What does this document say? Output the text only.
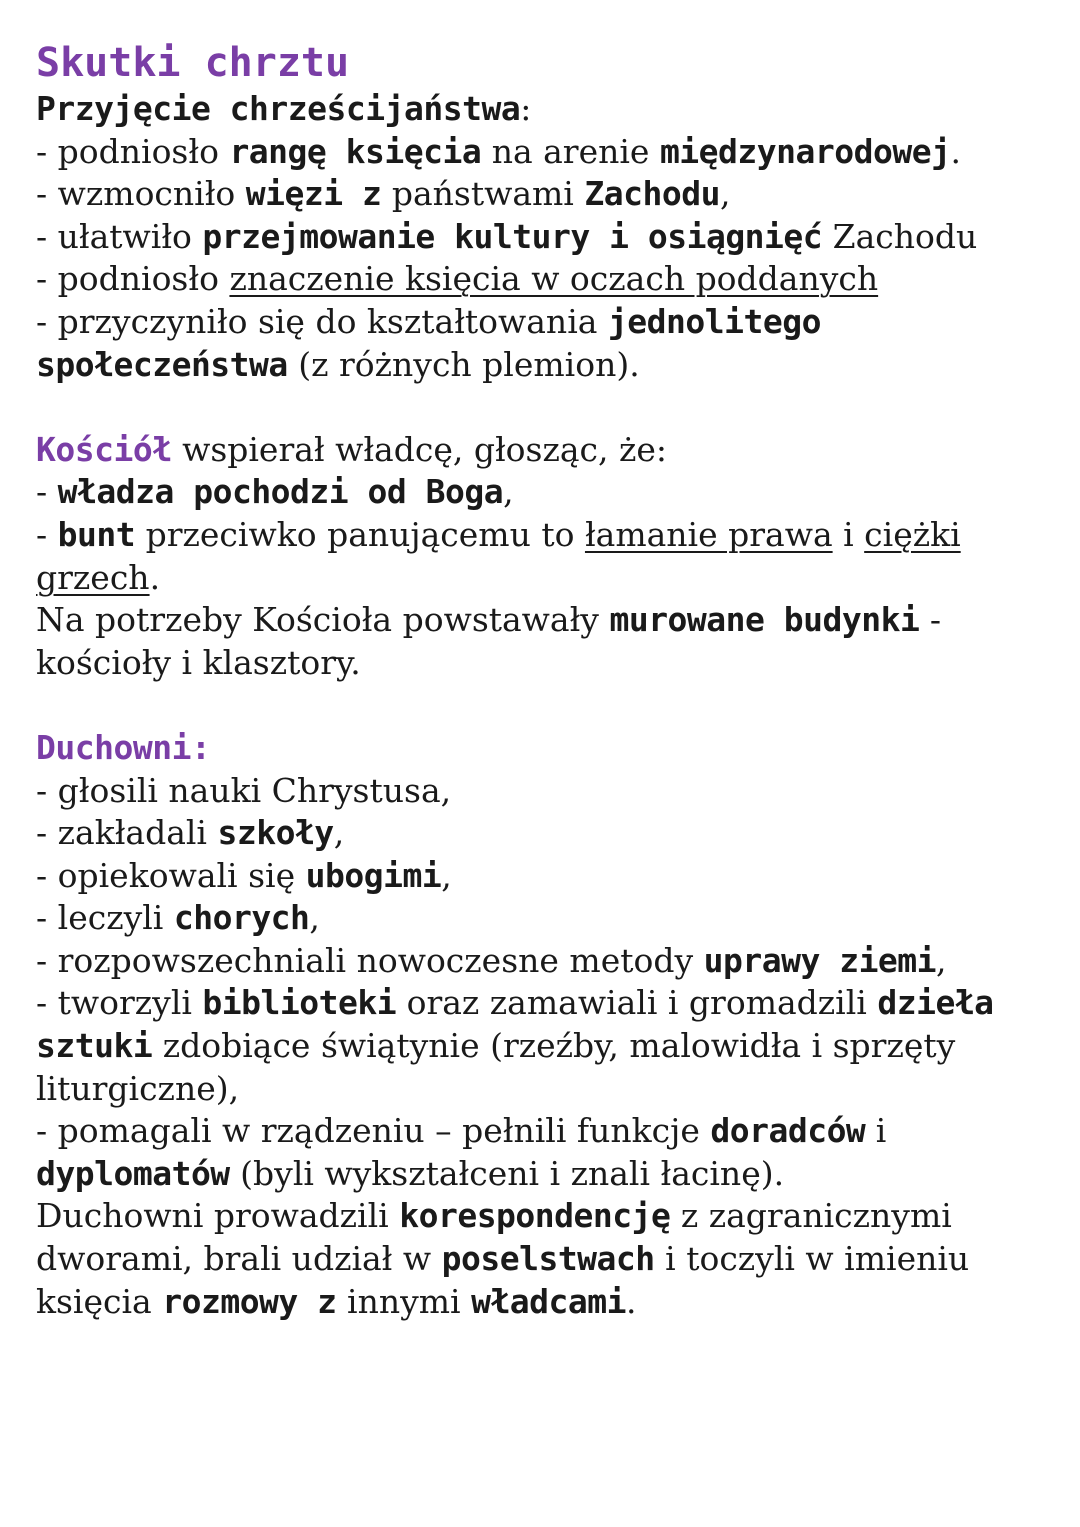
Skutki chrztu

Przyjęcie chrześcijaństwa:

- podniosło rangę księcia na arenie międzynarodowej.

- wzmocniło więzi z państwami Zachodu,

- ułatwiło przejmowanie kultury i osiągnięć Zachodu

- podniosło znaczenie księcia w oczach poddanych

- przyczyniło się do kształtowania jednolitego
społeczeństwa (z różnych plemion).

Kościół wspierał władcę, głosząc, że:

- władza pochodzi od Boga,

- bunt przeciwko panującemu to łamanie prawa i ciężki grzech.

Na potrzeby Kościoła powstawały murowane budynki - kościoły i klasztory.

Duchowni:

- głosili nauki Chrystusa,

- zakładali szkoły,

- opiekowali się ubogimi,

- leczyli chorych,

- rozpowszechniali nowoczesne metody uprawy ziemi,

- tworzyli biblioteki oraz zamawiali i gromadzili dzieła sztuki zdobiące świątynie (rzeźby, malowidła i sprzęty liturgiczne),

- pomagali w rządzeniu – pełnili funkcje doradców i dyplomatów (byli wykształceni i znali łacinę).

Duchowni prowadzili korespondencję z zagranicznymi dworami, brali udział w poselstwach i toczyli w imieniu księcia rozmowy z innymi władcami.
